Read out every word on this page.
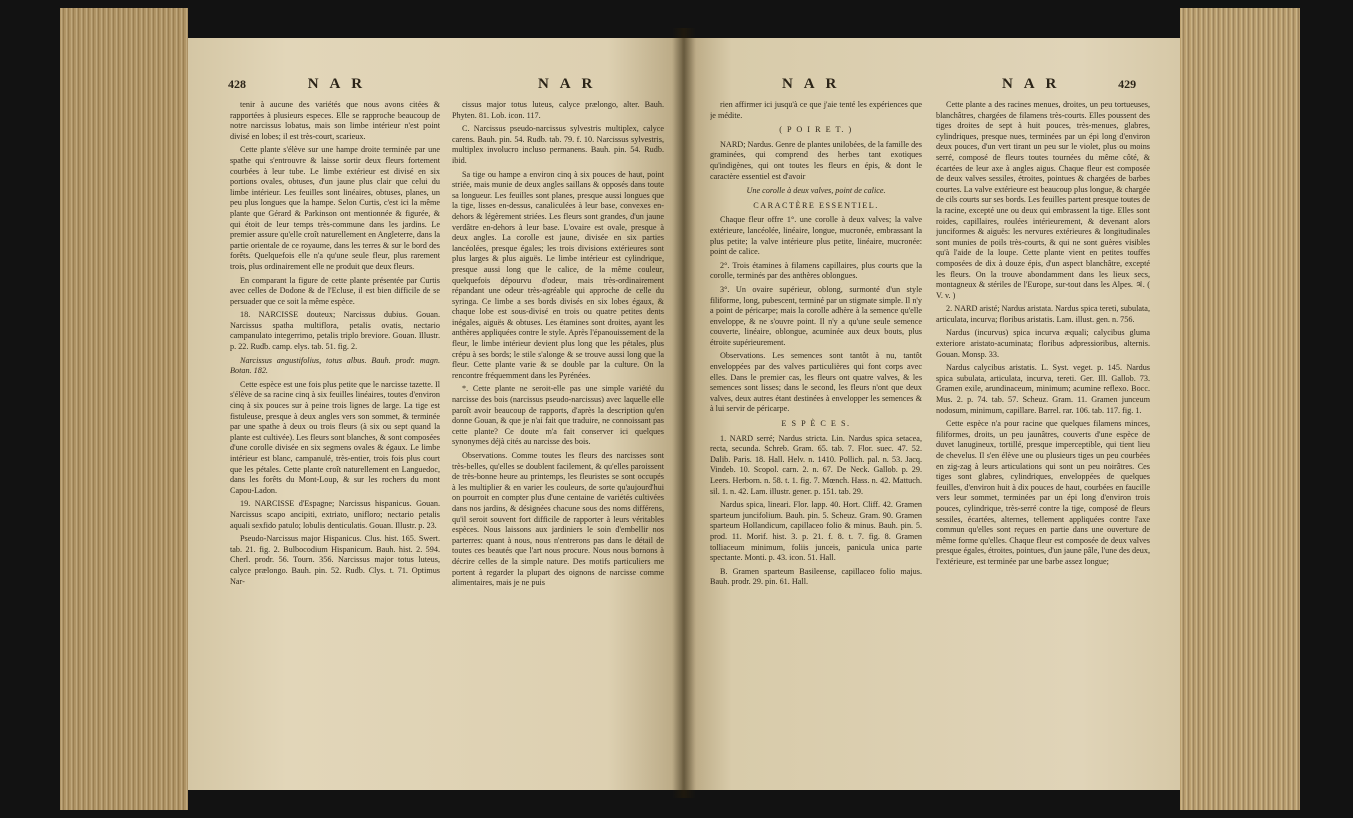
428	N A R	N A R

tenir à aucune des variétés que nous avons citées & rapportées à plusieurs especes. Elle se rapproche beaucoup de notre narcissus lobatus, mais son limbe intérieur n'est point divisé en lobes; il est très-court, scarieux.

Cette plante s'élève sur une hampe droite terminée par une spathe qui s'entrouvre & laisse sortir deux fleurs fortement courbées à leur tube. Le limbe extérieur est divisé en six portions ovales, obtuses, d'un jaune plus clair que celui du limbe intérieur. Les feuilles sont linéaires, obtuses, planes, un peu plus longues que la hampe. Selon Curtis, c'est ici la même plante que Gérard & Parkinson ont mentionnée & figurée, & qui étoit de leur temps très-commune dans les jardins. Le premier assure qu'elle croît naturellement en Angleterre, dans la partie orientale de ce royaume, dans les terres & sur le bord des forêts. Quelquefois elle n'a qu'une seule fleur, plus rarement trois, plus ordinairement elle ne produit que deux fleurs.

En comparant la figure de cette plante présentée par Curtis avec celles de Dodone & de l'Ecluse, il est bien difficile de se persuader que ce soit la même espèce.

18. NARCISSE douteux; Narcissus dubius. Gouan. Narcissus spatha multiflora, petalis ovatis, nectario campanulato integerrimo, petalis triplo breviore. Gouan. Illustr. p. 22. Rudb. camp. elys. tab. 51. fig. 2.

Narcissus angustifolius, totus albus. Bauh. prodr. magn. Botan. 182.

Cette espèce est une fois plus petite que le narcisse tazette. Il s'élève de sa racine cinq à six feuilles linéaires, toutes d'environ cinq à six pouces sur à peine trois lignes de large. La tige est fistuleuse, presque à deux angles vers son sommet, & terminée par une spathe à deux ou trois fleurs (à six ou sept quand la plante est cultivée). Les fleurs sont blanches, & sont composées d'une corolle divisée en six segmens ovales & égaux. Le limbe intérieur est blanc, campanulé, très-entier, trois fois plus court que les pétales. Cette plante croît naturellement en Languedoc, dans les forêts du Mont-Loup, & sur les rochers du mont Capou-Ladon.

19. NARCISSE d'Espagne; Narcissus hispanicus. Gouan. Narcissus scapo ancipiti, extriato, uniflorо; nectario petalis aquali sexfido patulo; lobulis denticulatis. Gouan. Illustr. p. 23.

Pseudo-Narcissus major Hispanicus. Clus. hist. 165. Swert. tab. 21. fig. 2. Bulbocodium Hispanicum. Bauh. hist. 2. 594. Cherl. prodr. 56. Tourn. 356. Narcissus major totus luteus, calyce prælongo. Bauh. pin. 52. Rudb. Clys. t. 71. Optimus Nar-

cissus major totus luteus, calyce prælongo, alter. Bauh. Phyten. 81. Lob. icon. 117.

C. Narcissus pseudo-narcissus sylvestris multiplex, calyce carens. Bauh. pin. 54. Rudb. tab. 79. f. 10. Narcissus sylvestris, multiplex involucro incluso permanens. Bauh. pin. 54. Rudb. ibid.

Sa tige ou hampe a environ cinq à six pouces de haut, point striée, mais munie de deux angles saillans & opposés dans toute sa longueur. Les feuilles sont planes, presque aussi longues que la tige, lisses en-dessus, canaliculées à leur base, convexes en-dehors & légèrement striées. Les fleurs sont grandes, d'un jaune verdâtre en-dehors à leur base. L'ovaire est ovale, presque à deux angles. La corolle est jaune, divisée en six parties lancéolées, presque égales; les trois divisions extérieures sont plus larges & plus aiguës. Le limbe intérieur est cylindrique, presque aussi long que le calice, de la même couleur, quelquefois dépourvu d'odeur, mais très-ordinairement répandant une odeur très-agréable qui approche de celle du syringa. Ce limbe a ses bords divisés en six lobes égaux, & chaque lobe est sous-divisé en trois ou quatre petites dents inégales, aiguës & obtuses. Les étamines sont droites, ayant les anthères appliquées contre le style. Après l'épanouissement de la fleur, le limbe intérieur devient plus long que les pétales, plus crépu à ses bords; le stile s'alonge & se trouve aussi long que la fleur. Cette plante varie & se double par la culture. On la rencontre fréquemment dans les Pyrénées.

*. Cette plante ne seroit-elle pas une simple variété du narcisse des bois (narcissus pseudo-narcissus) avec laquelle elle paroît avoir beaucoup de rapports, d'après la description qu'en donne Gouan, & que je n'ai fait que traduire, ne connoissant pas cette plante? Ce doute m'a fait conserver ici quelques synonymes déjà cités au narcisse des bois.

Observations. Comme toutes les fleurs des narcisses sont très-belles, qu'elles se doublent facilement, & qu'elles paroissent de très-bonne heure au printemps, les fleuristes se sont occupés à les multiplier & en varier les couleurs, de sorte qu'aujourd'hui on pourroit en compter plus d'une centaine de variétés cultivées dans nos jardins, & désignées chacune sous des noms différens, qu'il seroit souvent fort difficile de rapporter à leurs véritables espèces. Nous laissons aux jardiniers le soin d'embellir nos parterres: quant à nous, nous n'entrerons pas dans le détail de toutes ces beautés que l'art nous procure. Nous nous bornons à décrire celles de la simple nature. Des motifs particuliers me portent à regarder la plupart des oignons de narcisse comme alimentaires, mais je ne puis

N A R	N A R	429

rien affirmer ici jusqu'à ce que j'aie tenté les expériences que je médite.

( P O I R E T. )

NARD; Nardus. Genre de plantes unilobées, de la famille des graminées, qui comprend des herbes tant exotiques qu'indigènes, qui ont toutes les fleurs en épis, & dont le caractère essentiel est d'avoir

Une corolle à deux valves, point de calice.

CARACTÈRE ESSENTIEL.

Chaque fleur offre 1°. une corolle à deux valves; la valve extérieure, lancéolée, linéaire, longue, mucronée, embrassant la plus petite; la valve intérieure plus petite, linéaire, mucronée: point de calice.

2°. Trois étamines à filamens capillaires, plus courts que la corolle, terminés par des anthères oblongues.

3°. Un ovaire supérieur, oblong, surmonté d'un style filiforme, long, pubescent, terminé par un stigmate simple. Il n'y a point de péricarpe; mais la corolle adhère à la semence qu'elle enveloppe, & ne s'ouvre point. Il n'y a qu'une seule semence couverte, linéaire, oblongue, acuminée aux deux bouts, plus étroite supérieurement.

Observations. Les semences sont tantôt à nu, tantôt enveloppées par des valves particulières qui font corps avec elles. Dans le premier cas, les fleurs ont quatre valves, & les semences sont lisses; dans le second, les fleurs n'ont que deux valves, deux autres étant destinées à envelopper les semences & à lui servir de péricarpe.

E S P È C E S.

1. NARD serré; Nardus stricta. Lin. Nardus spica setacea, recta, secunda. Schreb. Gram. 65. tab. 7. Flor. suec. 47. 52. Dalib. Paris. 18. Hall. Helv. n. 1410. Pollich. pal. n. 53. Jacq. Vindeb. 10. Scopol. carn. 2. n. 67. De Neck. Gallob. p. 29. Leers. Herborn. n. 58. t. 1. fig. 7. Mœnch. Hass. n. 42. Mattuch. sil. 1. n. 42. Lam. illustr. gener. p. 151. tab. 29.

Nardus spica, lineari. Flor. lapp. 40. Hort. Cliff. 42. Gramen sparteum juncifolium. Bauh. pin. 5. Scheuz. Gram. 90. Gramen sparteum Hollandicum, capillaceo folio & minus. Bauh. pin. 5. prod. 11. Morif. hist. 3. p. 21. f. 8. t. 7. fig. 8. Gramen tolliaceum minimum, foliis junceis, panicula unica parte spectante. Monti. p. 43. icon. 51. Hall.

B. Gramen sparteum Basileense, capillaceo folio majus. Bauh. prodr. 29. pin. 61. Hall.

Cette plante a des racines menues, droites, un peu tortueuses, blanchâtres, chargées de filamens très-courts. Elles poussent des tiges droites de sept à huit pouces, très-menues, glabres, cylindriques, presque nues, terminées par un épi long d'environ deux pouces, d'un vert tirant un peu sur le violet, plus ou moins serré, composé de fleurs toutes tournées du même côté, & écartées de leur axe à angles aigus. Chaque fleur est composée de deux valves sessiles, étroites, pointues & chargées de barbes courtes. La valve extérieure est beaucoup plus longue, & chargée de cils courts sur ses bords. Les feuilles partent presque toutes de la racine, excepté une ou deux qui embrassent la tige. Elles sont roides, capillaires, roulées intérieurement, & devenant alors junciformes & aiguës: les nervures extérieures & longitudinales sont munies de poils très-courts, & qui ne sont guères visibles qu'à l'aide de la loupe. Cette plante vient en petites touffes composées de dix à douze épis, d'un aspect blanchâtre, excepté les fleurs. On la trouve abondamment dans les lieux secs, montagneux & stériles de l'Europe, sur-tout dans les Alpes. ♃. ( V. v. )

2. NARD aristé; Nardus aristata. Nardus spica tereti, subulata, articulata, incurva; floribus aristatis. Lam. illust. gen. n. 756.

Nardus (incurvus) spica incurva æquali; calycibus gluma exteriore aristato-acuminata; floribus adpressioribus, alternis. Gouan. Monsp. 33.

Nardus calycibus aristatis. L. Syst. veget. p. 145. Nardus spica subulata, articulata, incurva, tereti. Ger. Ill. Gallob. 73. Gramen exile, arundinaceum, minimum; acumine reflexo. Bocc. Mus. 2. p. 74. tab. 57. Scheuz. Gram. 11. Gramen junceum nodosum, minimum, capillare. Barrel. rar. 106. tab. 117. fig. 1.

Cette espèce n'a pour racine que quelques filamens minces, filiformes, droits, un peu jaunâtres, couverts d'une espèce de duvet lanugineux, tortillé, presque imperceptible, qui tient lieu de chevelus. Il s'en élève une ou plusieurs tiges un peu courbées en zig-zag à leurs articulations qui sont un peu noirâtres. Ces tiges sont glabres, cylindriques, enveloppées de quelques feuilles, d'environ huit à dix pouces de haut, courbées en faucille vers leur sommet, terminées par un épi long d'environ trois pouces, cylindrique, très-serré contre la tige, composé de fleurs sessiles, écartées, alternes, tellement appliquées contre l'axe commun qu'elles sont reçues en partie dans une ouverture de même forme qu'elles. Chaque fleur est composée de deux valves presque égales, étroites, pointues, d'un jaune pâle, l'une des deux, l'extérieure, est terminée par une barbe assez longue;
